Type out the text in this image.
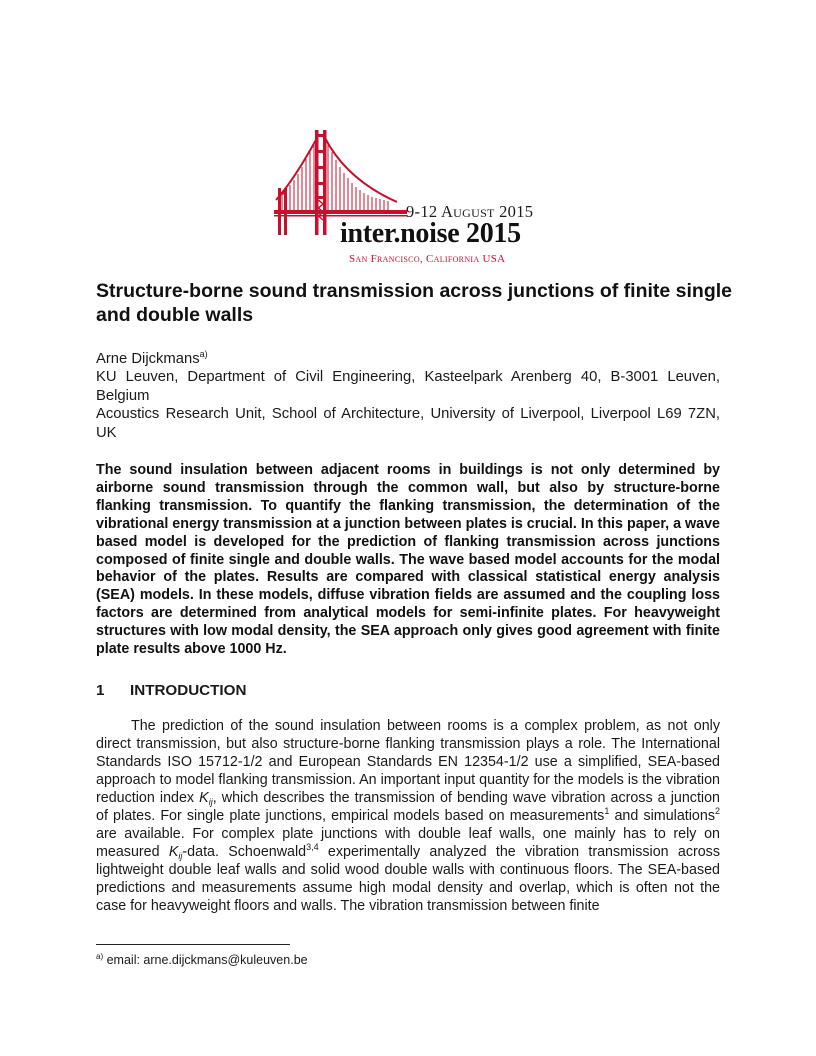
9-12 August 2015
inter.noise 2015
San Francisco, California USA
Structure-borne sound transmission across junctions of finite single and double walls
Arne Dijckmans$^{a)}$
KU Leuven, Department of Civil Engineering, Kasteelpark Arenberg 40, B-3001 Leuven, Belgium
Acoustics Research Unit, School of Architecture, University of Liverpool, Liverpool L69 7ZN, UK

The sound insulation between adjacent rooms in buildings is not only determined by airborne sound transmission through the common wall, but also by structure-borne flanking transmission. To quantify the flanking transmission, the determination of the vibrational energy transmission at a junction between plates is crucial. In this paper, a wave based model is developed for the prediction of flanking transmission across junctions composed of finite single and double walls. The wave based model accounts for the modal behavior of the plates. Results are compared with classical statistical energy analysis (SEA) models. In these models, diffuse vibration fields are assumed and the coupling loss factors are determined from analytical models for semi-infinite plates. For heavyweight structures with low modal density, the SEA approach only gives good agreement with finite plate results above 1000 Hz.

1 INTRODUCTION

The prediction of the sound insulation between rooms is a complex problem, as not only direct transmission, but also structure-borne flanking transmission plays a role. The International Standards ISO 15712-1/2 and European Standards EN 12354-1/2 use a simplified, SEA-based approach to model flanking transmission. An important input quantity for the models is the vibration reduction index $K_{ij}$, which describes the transmission of bending wave vibration across a junction of plates. For single plate junctions, empirical models based on measurements$^1$ and simulations$^2$ are available. For complex plate junctions with double leaf walls, one mainly has to rely on measured $K_{ij}$-data. Schoenwald$^{3,4}$ experimentally analyzed the vibration transmission across lightweight double leaf walls and solid wood double walls with continuous floors. The SEA-based predictions and measurements assume high modal density and overlap, which is often not the case for heavyweight floors and walls. The vibration transmission between finite

$^{a)}$ email: arne.dijckmans@kuleuven.be
